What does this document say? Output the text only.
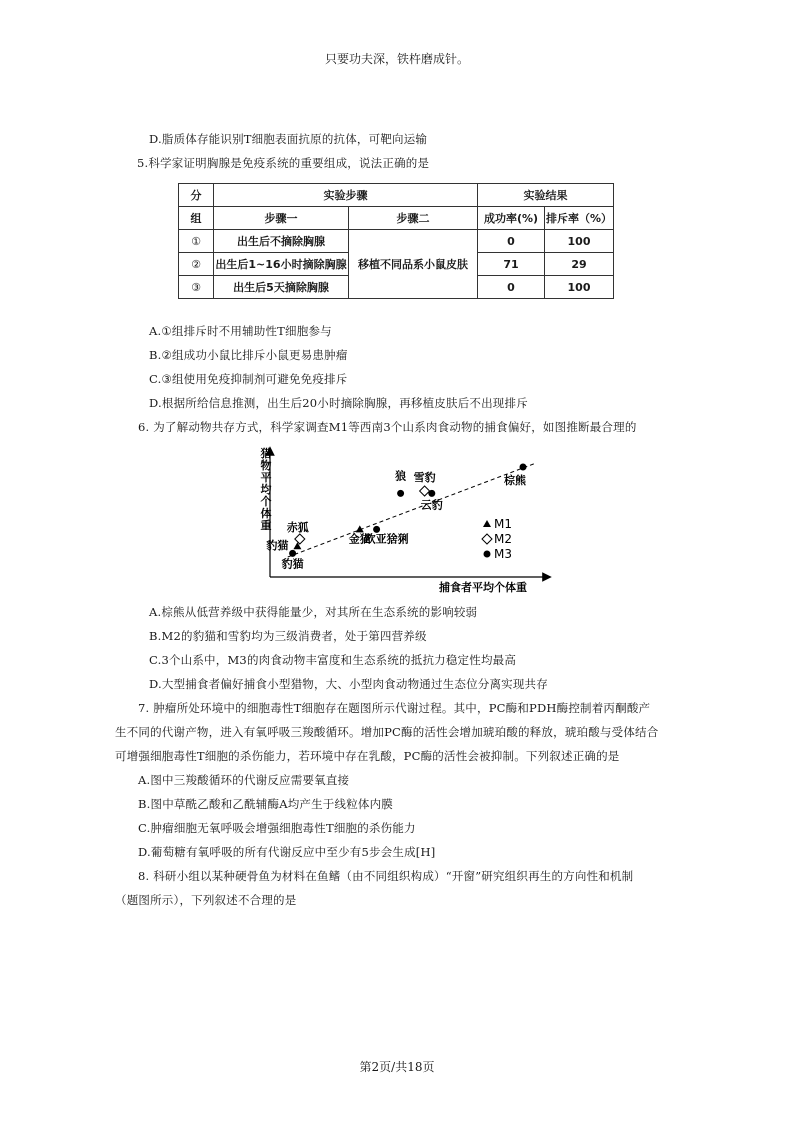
只要功夫深，铁杵磨成针。
D.脂质体存能识别T细胞表面抗原的抗体，可靶向运输
5.科学家证明胸腺是免疫系统的重要组成，说法正确的是
分	实验步骤		实验结果	
组	步骤一	步骤二	成功率(%)	排斥率（%）
①	出生后不摘除胸腺	移植不同品系小鼠皮肤	0	100
②	出生后1~16小时摘除胸腺		71	29
③	出生后5天摘除胸腺		0	100
A.①组排斥时不用辅助性T细胞参与
B.②组成功小鼠比排斥小鼠更易患肿瘤
C.③组使用免疫抑制剂可避免免疫排斥
D.根据所给信息推测，出生后20小时摘除胸腺，再移植皮肤后不出现排斥
6. 为了解动物共存方式，科学家调查M1等西南3个山系肉食动物的捕食偏好，如图推断最合理的
猎物平均个体重
捕食者平均个体重
豹猫
金猫
赤狐
雪豹
豹猫
欧亚猞猁
狼
云豹
棕熊
M1
M2
M3
A.棕熊从低营养级中获得能量少，对其所在生态系统的影响较弱
B.M2的豹猫和雪豹均为三级消费者，处于第四营养级
C.3个山系中，M3的肉食动物丰富度和生态系统的抵抗力稳定性均最高
D.大型捕食者偏好捕食小型猎物，大、小型肉食动物通过生态位分离实现共存
7. 肿瘤所处环境中的细胞毒性T细胞存在题图所示代谢过程。其中，PC酶和PDH酶控制着丙酮酸产
生不同的代谢产物，进入有氧呼吸三羧酸循环。增加PC酶的活性会增加琥珀酸的释放，琥珀酸与受体结合
可增强细胞毒性T细胞的杀伤能力，若环境中存在乳酸，PC酶的活性会被抑制。下列叙述正确的是
A.图中三羧酸循环的代谢反应需要氧直接
B.图中草酰乙酸和乙酰辅酶A均产生于线粒体内膜
C.肿瘤细胞无氧呼吸会增强细胞毒性T细胞的杀伤能力
D.葡萄糖有氧呼吸的所有代谢反应中至少有5步会生成[H]
8. 科研小组以某种硬骨鱼为材料在鱼鳍（由不同组织构成）“开窗”研究组织再生的方向性和机制
（题图所示），下列叙述不合理的是
第2页/共18页
